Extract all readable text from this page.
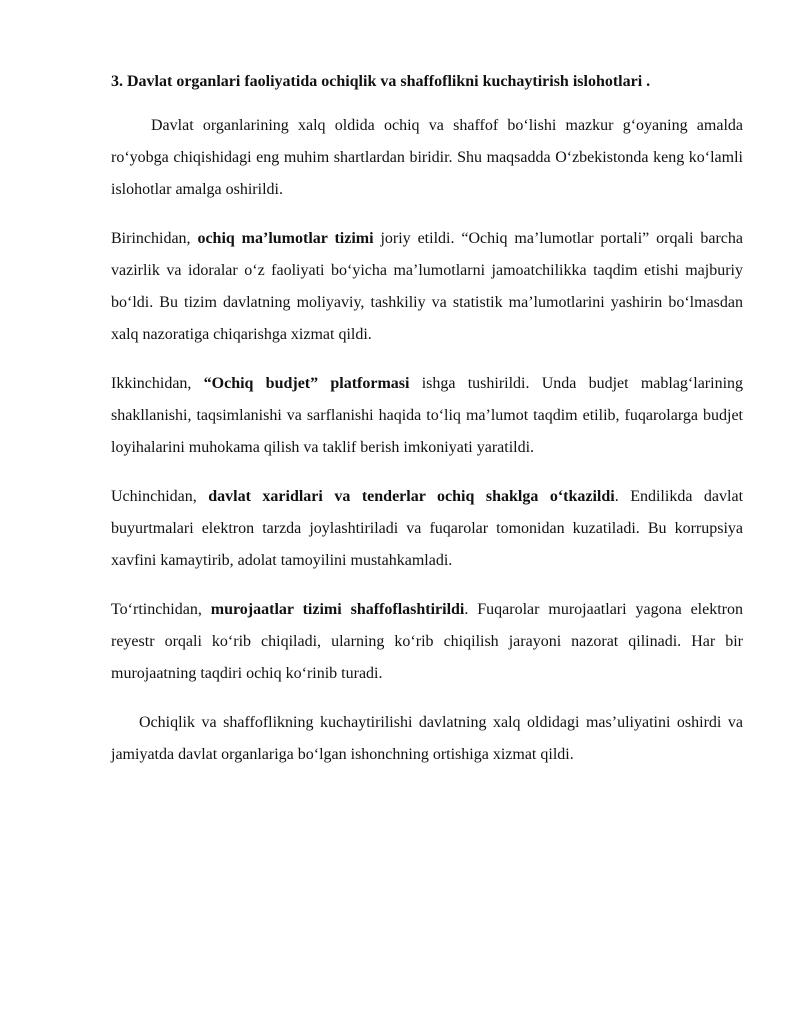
3. Davlat organlari faoliyatida ochiqlik va shaffoflikni kuchaytirish islohotlari .

Davlat organlarining xalq oldida ochiq va shaffof boʻlishi mazkur gʻoyaning amalda roʻyobga chiqishidagi eng muhim shartlardan biridir. Shu maqsadda Oʻzbekistonda keng koʻlamli islohotlar amalga oshirildi.

Birinchidan, ochiq maʼlumotlar tizimi joriy etildi. “Ochiq maʼlumotlar portali” orqali barcha vazirlik va idoralar oʻz faoliyati boʻyicha maʼlumotlarni jamoatchilikka taqdim etishi majburiy boʻldi. Bu tizim davlatning moliyaviy, tashkiliy va statistik maʼlumotlarini yashirin boʻlmasdan xalq nazoratiga chiqarishga xizmat qildi.

Ikkinchidan, “Ochiq budjet” platformasi ishga tushirildi. Unda budjet mablagʻlarining shakllanishi, taqsimlanishi va sarflanishi haqida toʻliq maʼlumot taqdim etilib, fuqarolarga budjet loyihalarini muhokama qilish va taklif berish imkoniyati yaratildi.

Uchinchidan, davlat xaridlari va tenderlar ochiq shaklga oʻtkazildi. Endilikda davlat buyurtmalari elektron tarzda joylashtiriladi va fuqarolar tomonidan kuzatiladi. Bu korrupsiya xavfini kamaytirib, adolat tamoyilini mustahkamladi.

Toʻrtinchidan, murojaatlar tizimi shaffoflashtirildi. Fuqarolar murojaatlari yagona elektron reyestr orqali koʻrib chiqiladi, ularning koʻrib chiqilish jarayoni nazorat qilinadi. Har bir murojaatning taqdiri ochiq koʻrinib turadi.

Ochiqlik va shaffoflikning kuchaytirilishi davlatning xalq oldidagi masʼuliyatini oshirdi va jamiyatda davlat organlariga boʻlgan ishonchning ortishiga xizmat qildi.
